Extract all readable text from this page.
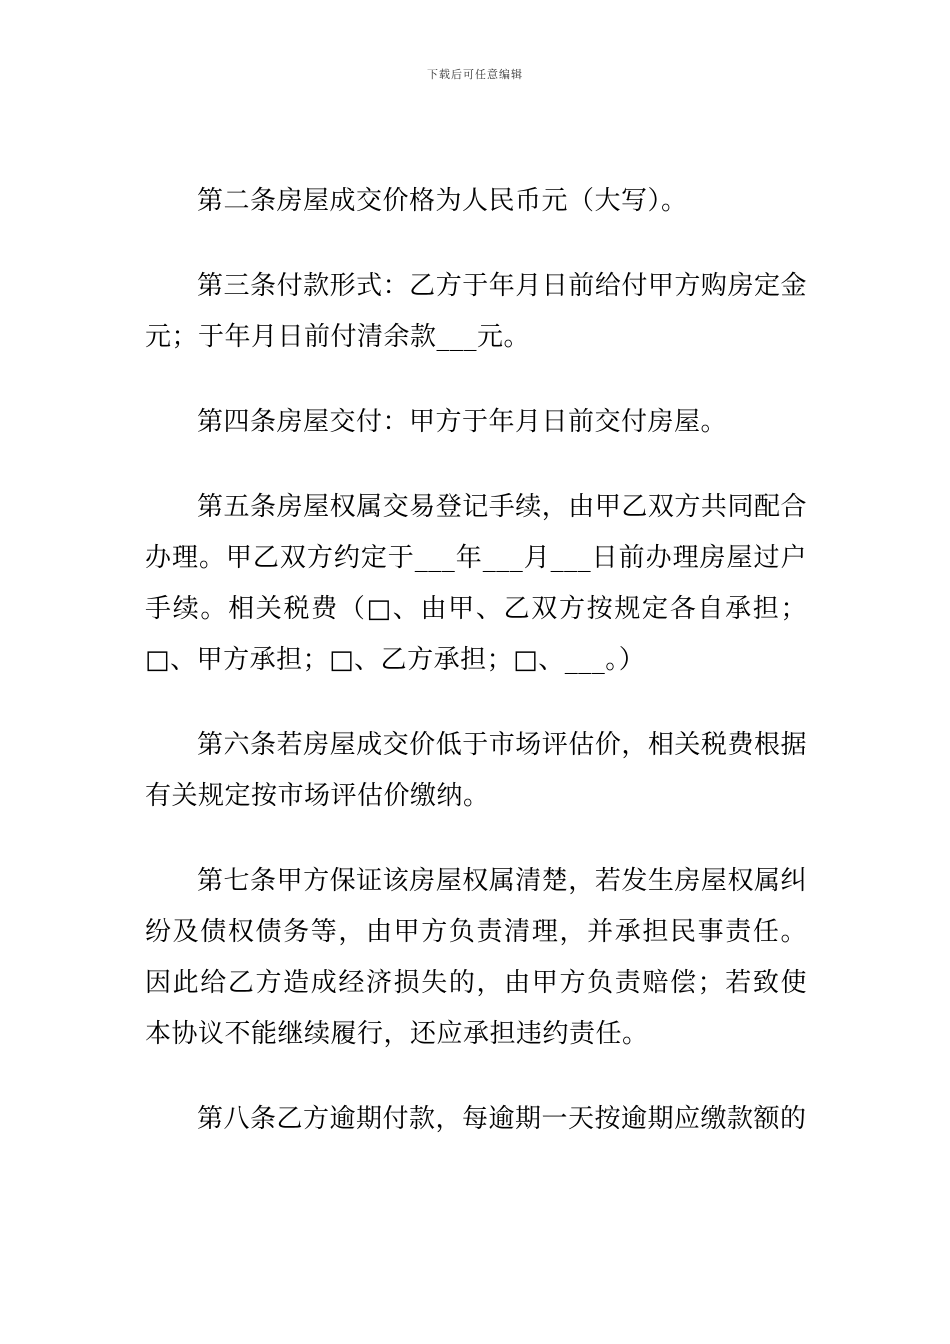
下载后可任意编辑

第二条房屋成交价格为人民币元（大写）。

第三条付款形式：乙方于年月日前给付甲方购房定金元；于年月日前付清余款___元。

第四条房屋交付：甲方于年月日前交付房屋。

第五条房屋权属交易登记手续，由甲乙双方共同配合办理。甲乙双方约定于___年___月___日前办理房屋过户手续。相关税费（□、由甲、乙双方按规定各自承担；□、甲方承担；□、乙方承担；□、___。）

第六条若房屋成交价低于市场评估价，相关税费根据有关规定按市场评估价缴纳。

第七条甲方保证该房屋权属清楚，若发生房屋权属纠纷及债权债务等，由甲方负责清理，并承担民事责任。因此给乙方造成经济损失的，由甲方负责赔偿；若致使本协议不能继续履行，还应承担违约责任。

第八条乙方逾期付款，每逾期一天按逾期应缴款额的
